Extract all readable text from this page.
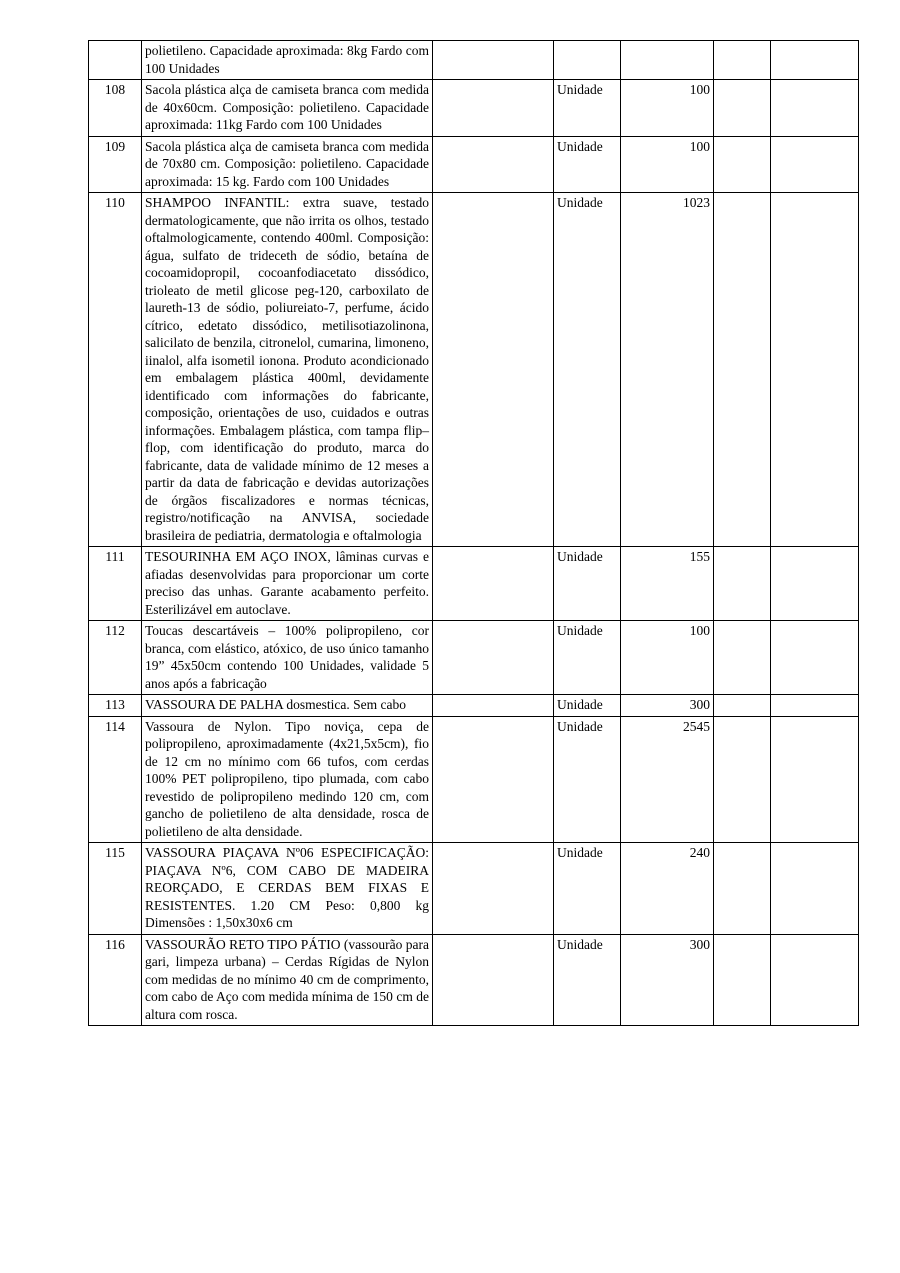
	polietileno. Capacidade aproximada: 8kg Fardo com 100 Unidades					
108	Sacola plástica alça de camiseta branca com medida de 40x60cm. Composição: polietileno. Capacidade aproximada: 11kg Fardo com 100 Unidades		Unidade	100		
109	Sacola plástica alça de camiseta branca com medida de 70x80 cm. Composição: polietileno. Capacidade aproximada: 15 kg. Fardo com 100 Unidades		Unidade	100		
110	SHAMPOO INFANTIL: extra suave, testado dermatologicamente, que não irrita os olhos, testado oftalmologicamente, contendo 400ml. Composição: água, sulfato de trideceth de sódio, betaína de cocoamidopropil, cocoanfodiacetato dissódico, trioleato de metil glicose peg-120, carboxilato de laureth-13 de sódio, poliureiato-7, perfume, ácido cítrico, edetato dissódico, metilisotiazolinona, salicilato de benzila, citronelol, cumarina, limoneno, iinalol, alfa isometil ionona. Produto acondicionado em embalagem plástica 400ml, devidamente identificado com informações do fabricante, composição, orientações de uso, cuidados e outras informações. Embalagem plástica, com tampa flip–flop, com identificação do produto, marca do fabricante, data de validade mínimo de 12 meses a partir da data de fabricação e devidas autorizações de órgãos fiscalizadores e normas técnicas, registro/notificação na ANVISA, sociedade brasileira de pediatria, dermatologia e oftalmologia		Unidade	1023		
111	TESOURINHA EM AÇO INOX, lâminas curvas e afiadas desenvolvidas para proporcionar um corte preciso das unhas. Garante acabamento perfeito. Esterilizável em autoclave.		Unidade	155		
112	Toucas descartáveis – 100% polipropileno, cor branca, com elástico, atóxico, de uso único tamanho 19” 45x50cm contendo 100 Unidades, validade 5 anos após a fabricação		Unidade	100		
113	VASSOURA DE PALHA dosmestica. Sem cabo		Unidade	300		
114	Vassoura de Nylon. Tipo noviça, cepa de polipropileno, aproximadamente (4x21,5x5cm), fio de 12 cm no mínimo com 66 tufos, com cerdas 100% PET polipropileno, tipo plumada, com cabo revestido de polipropileno medindo 120 cm, com gancho de polietileno de alta densidade, rosca de polietileno de alta densidade.		Unidade	2545		
115	VASSOURA PIAÇAVA Nº06 ESPECIFICAÇÃO: PIAÇAVA Nº6, COM CABO DE MADEIRA REORÇADO, E CERDAS BEM FIXAS E RESISTENTES. 1.20 CM Peso: 0,800 kg Dimensões : 1,50x30x6 cm		Unidade	240		
116	VASSOURÃO RETO TIPO PÁTIO (vassourão para gari, limpeza urbana) – Cerdas Rígidas de Nylon com medidas de no mínimo 40 cm de comprimento, com cabo de Aço com medida mínima de 150 cm de altura com rosca.		Unidade	300		
